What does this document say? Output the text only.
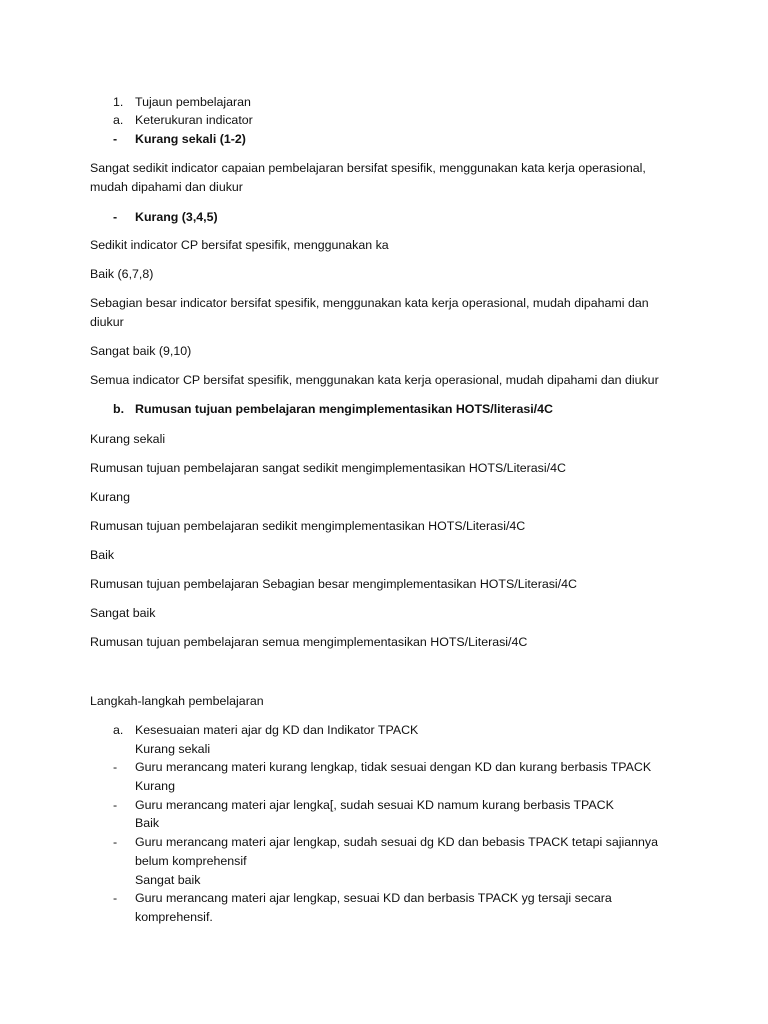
1. Tujaun pembelajaran
a. Keterukuran indicator
- Kurang sekali (1-2)
Sangat sedikit indicator capaian pembelajaran bersifat spesifik, menggunakan kata kerja operasional,
mudah dipahami dan diukur
- Kurang (3,4,5)
Sedikit indicator CP bersifat spesifik, menggunakan ka
Baik (6,7,8)
Sebagian besar indicator bersifat spesifik, menggunakan kata kerja operasional, mudah dipahami dan
diukur
Sangat baik (9,10)
Semua indicator CP bersifat spesifik, menggunakan kata kerja operasional, mudah dipahami dan diukur
b. Rumusan tujuan pembelajaran mengimplementasikan HOTS/literasi/4C
Kurang sekali
Rumusan tujuan pembelajaran sangat sedikit mengimplementasikan HOTS/Literasi/4C
Kurang
Rumusan tujuan pembelajaran sedikit mengimplementasikan HOTS/Literasi/4C
Baik
Rumusan tujuan pembelajaran Sebagian besar mengimplementasikan HOTS/Literasi/4C
Sangat baik
Rumusan tujuan pembelajaran semua mengimplementasikan HOTS/Literasi/4C
Langkah-langkah pembelajaran
a. Kesesuaian materi ajar dg KD dan Indikator TPACK
Kurang sekali
- Guru merancang materi kurang lengkap, tidak sesuai dengan KD dan kurang berbasis TPACK
Kurang
- Guru merancang materi ajar lengka[, sudah sesuai KD namum kurang berbasis TPACK
Baik
- Guru merancang materi ajar lengkap, sudah sesuai dg KD dan bebasis TPACK tetapi sajiannya
belum komprehensif
Sangat baik
- Guru merancang materi ajar lengkap, sesuai KD dan berbasis TPACK yg tersaji secara
komprehensif.
